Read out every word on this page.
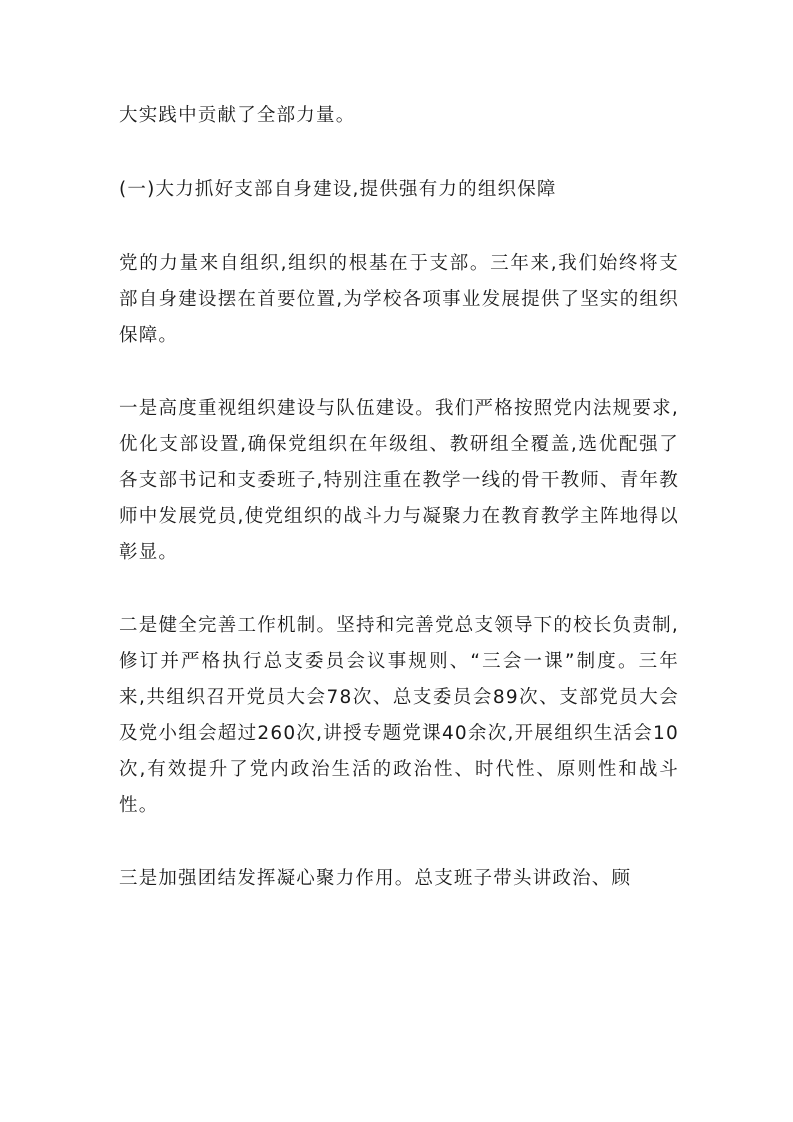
大实践中贡献了全部力量。

(一)大力抓好支部自身建设,提供强有力的组织保障

党的力量来自组织,组织的根基在于支部。三年来,我们始终将支部自身建设摆在首要位置,为学校各项事业发展提供了坚实的组织保障。

一是高度重视组织建设与队伍建设。我们严格按照党内法规要求,优化支部设置,确保党组织在年级组、教研组全覆盖,选优配强了各支部书记和支委班子,特别注重在教学一线的骨干教师、青年教师中发展党员,使党组织的战斗力与凝聚力在教育教学主阵地得以彰显。

二是健全完善工作机制。坚持和完善党总支领导下的校长负责制,修订并严格执行总支委员会议事规则、“三会一课”制度。三年来,共组织召开党员大会78次、总支委员会89次、支部党员大会及党小组会超过260次,讲授专题党课40余次,开展组织生活会10次,有效提升了党内政治生活的政治性、时代性、原则性和战斗性。

三是加强团结发挥凝心聚力作用。总支班子带头讲政治、顾
